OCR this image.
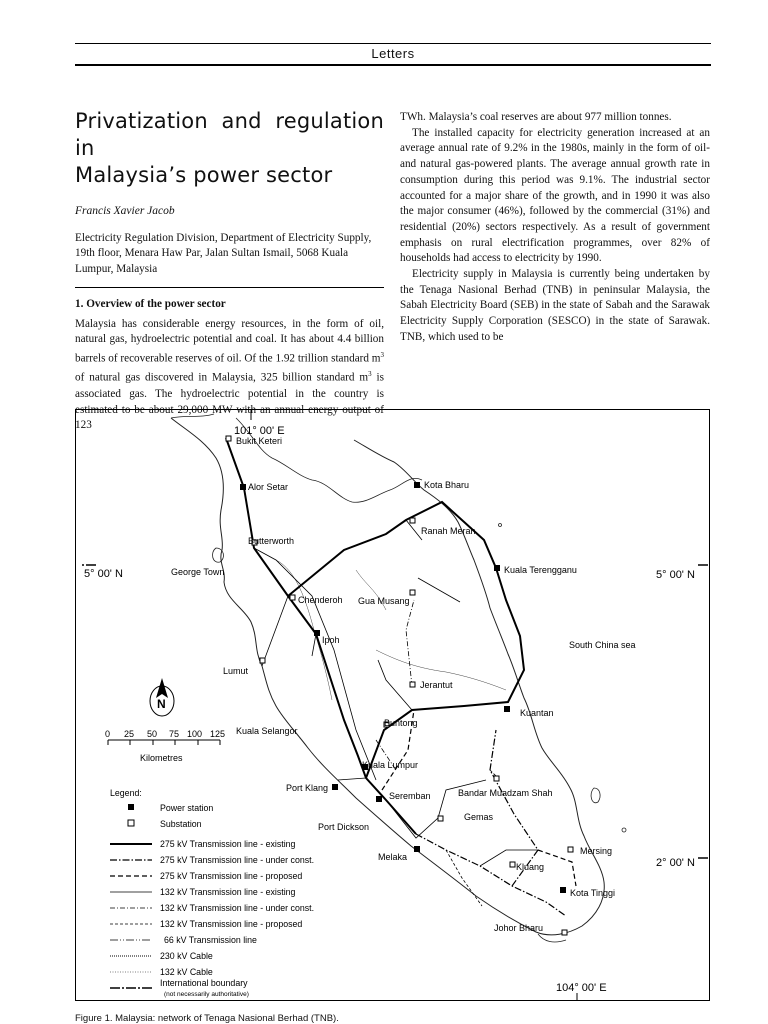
Letters
Privatization and regulation in
Malaysia’s power sector
Francis Xavier Jacob
Electricity Regulation Division, Department of Electricity Supply, 19th floor, Menara Haw Par, Jalan Sultan Ismail, 5068 Kuala Lumpur, Malaysia
1. Overview of the power sector

Malaysia has considerable energy resources, in the form of oil, natural gas, hydroelectric potential and coal. It has about 4.4 billion barrels of recoverable reserves of oil. Of the 1.92 trillion standard $m^3$ of natural gas discovered in Malaysia, 325 billion standard $m^3$ is associated gas. The hydroelectric potential in the country is estimated to be about 29,000 MW with an annual energy output of 123

TWh. Malaysia’s coal reserves are about 977 million tonnes.

The installed capacity for electricity generation increased at an average annual rate of 9.2% in the 1980s, mainly in the form of oil- and natural gas-powered plants. The average annual growth rate in consumption during this period was 9.1%. The industrial sector accounted for a major share of the growth, and in 1990 it was also the major consumer (46%), followed by the commercial (31%) and residential (20%) sectors respectively. As a result of government emphasis on rural electrification programmes, over 82% of households had access to electricity by 1990.

Electricity supply in Malaysia is currently being undertaken by the Tenaga Nasional Berhad (TNB) in peninsular Malaysia, the Sabah Electricity Board (SEB) in the state of Sabah and the Sarawak Electricity Supply Corporation (SESCO) in the state of Sarawak. TNB, which used to be

101° 00' E
104° 00' E
5° 00' N	5° 00' N
2° 00' N
South China sea
Bukit Keteri
Alor Setar	Kota Bharu
Ranah Merah
Butterworth
George Town	Kuala Terengganu
Chenderoh Gua Musang
Ipoh
Lumut
Jerantut
Kuantan
Buntong
Kuala Selangor
Kuala Lumpur
Port Klang
Seremban	Bandar Muadzam Shah
Port Dickson
Gemas
Melaka
Kluang
Mersing
Kota Tinggi
Johor Bharu
N
0 25 50 75 100 125
Kilometres
Legend:
Power station
Substation
275 kV Transmission line - existing
275 kV Transmission line - under const.
275 kV Transmission line - proposed
132 kV Transmission line - existing
132 kV Transmission line - under const.
132 kV Transmission line - proposed
66 kV Transmission line
230 kV Cable
132 kV Cable
International boundary
(not necessarily authoritative)
Figure 1. Malaysia: network of Tenaga Nasional Berhad (TNB).
